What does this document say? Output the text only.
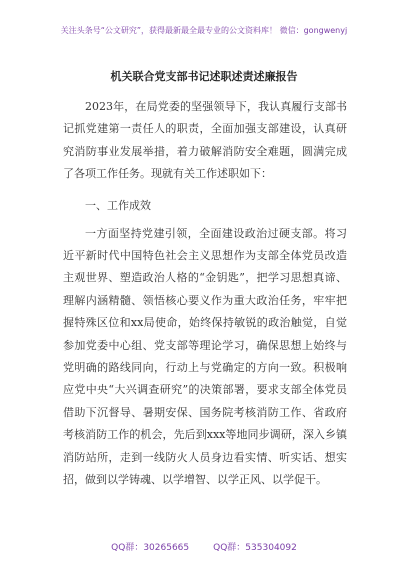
关注头条号“公文研究”，获得最新最全最专业的公文资料库！ 微信：gongwenyj
机关联合党支部书记述职述责述廉报告

2023年，在局党委的坚强领导下，我认真履行支部书记抓党建第一责任人的职责，全面加强支部建设，认真研究消防事业发展举措，着力破解消防安全难题，圆满完成了各项工作任务。现就有关工作述职如下：

一、工作成效

一方面坚持党建引领，全面建设政治过硬支部。将习近平新时代中国特色社会主义思想作为支部全体党员改造主观世界、塑造政治人格的“金钥匙”，把学习思想真谛、理解内涵精髓、领悟核心要义作为重大政治任务，牢牢把握特殊区位和xx局使命，始终保持敏锐的政治触觉，自觉参加党委中心组、党支部等理论学习，确保思想上始终与党明确的路线同向，行动上与党确定的方向一致。积极响应党中央“大兴调查研究”的决策部署，要求支部全体党员借助下沉督导、暑期安保、国务院考核消防工作、省政府考核消防工作的机会，先后到xxx等地同步调研，深入乡镇消防站所，走到一线防火人员身边看实情、听实话、想实招，做到以学铸魂、以学增智、以学正风、以学促干。

QQ群：30265665	QQ群：535304092
